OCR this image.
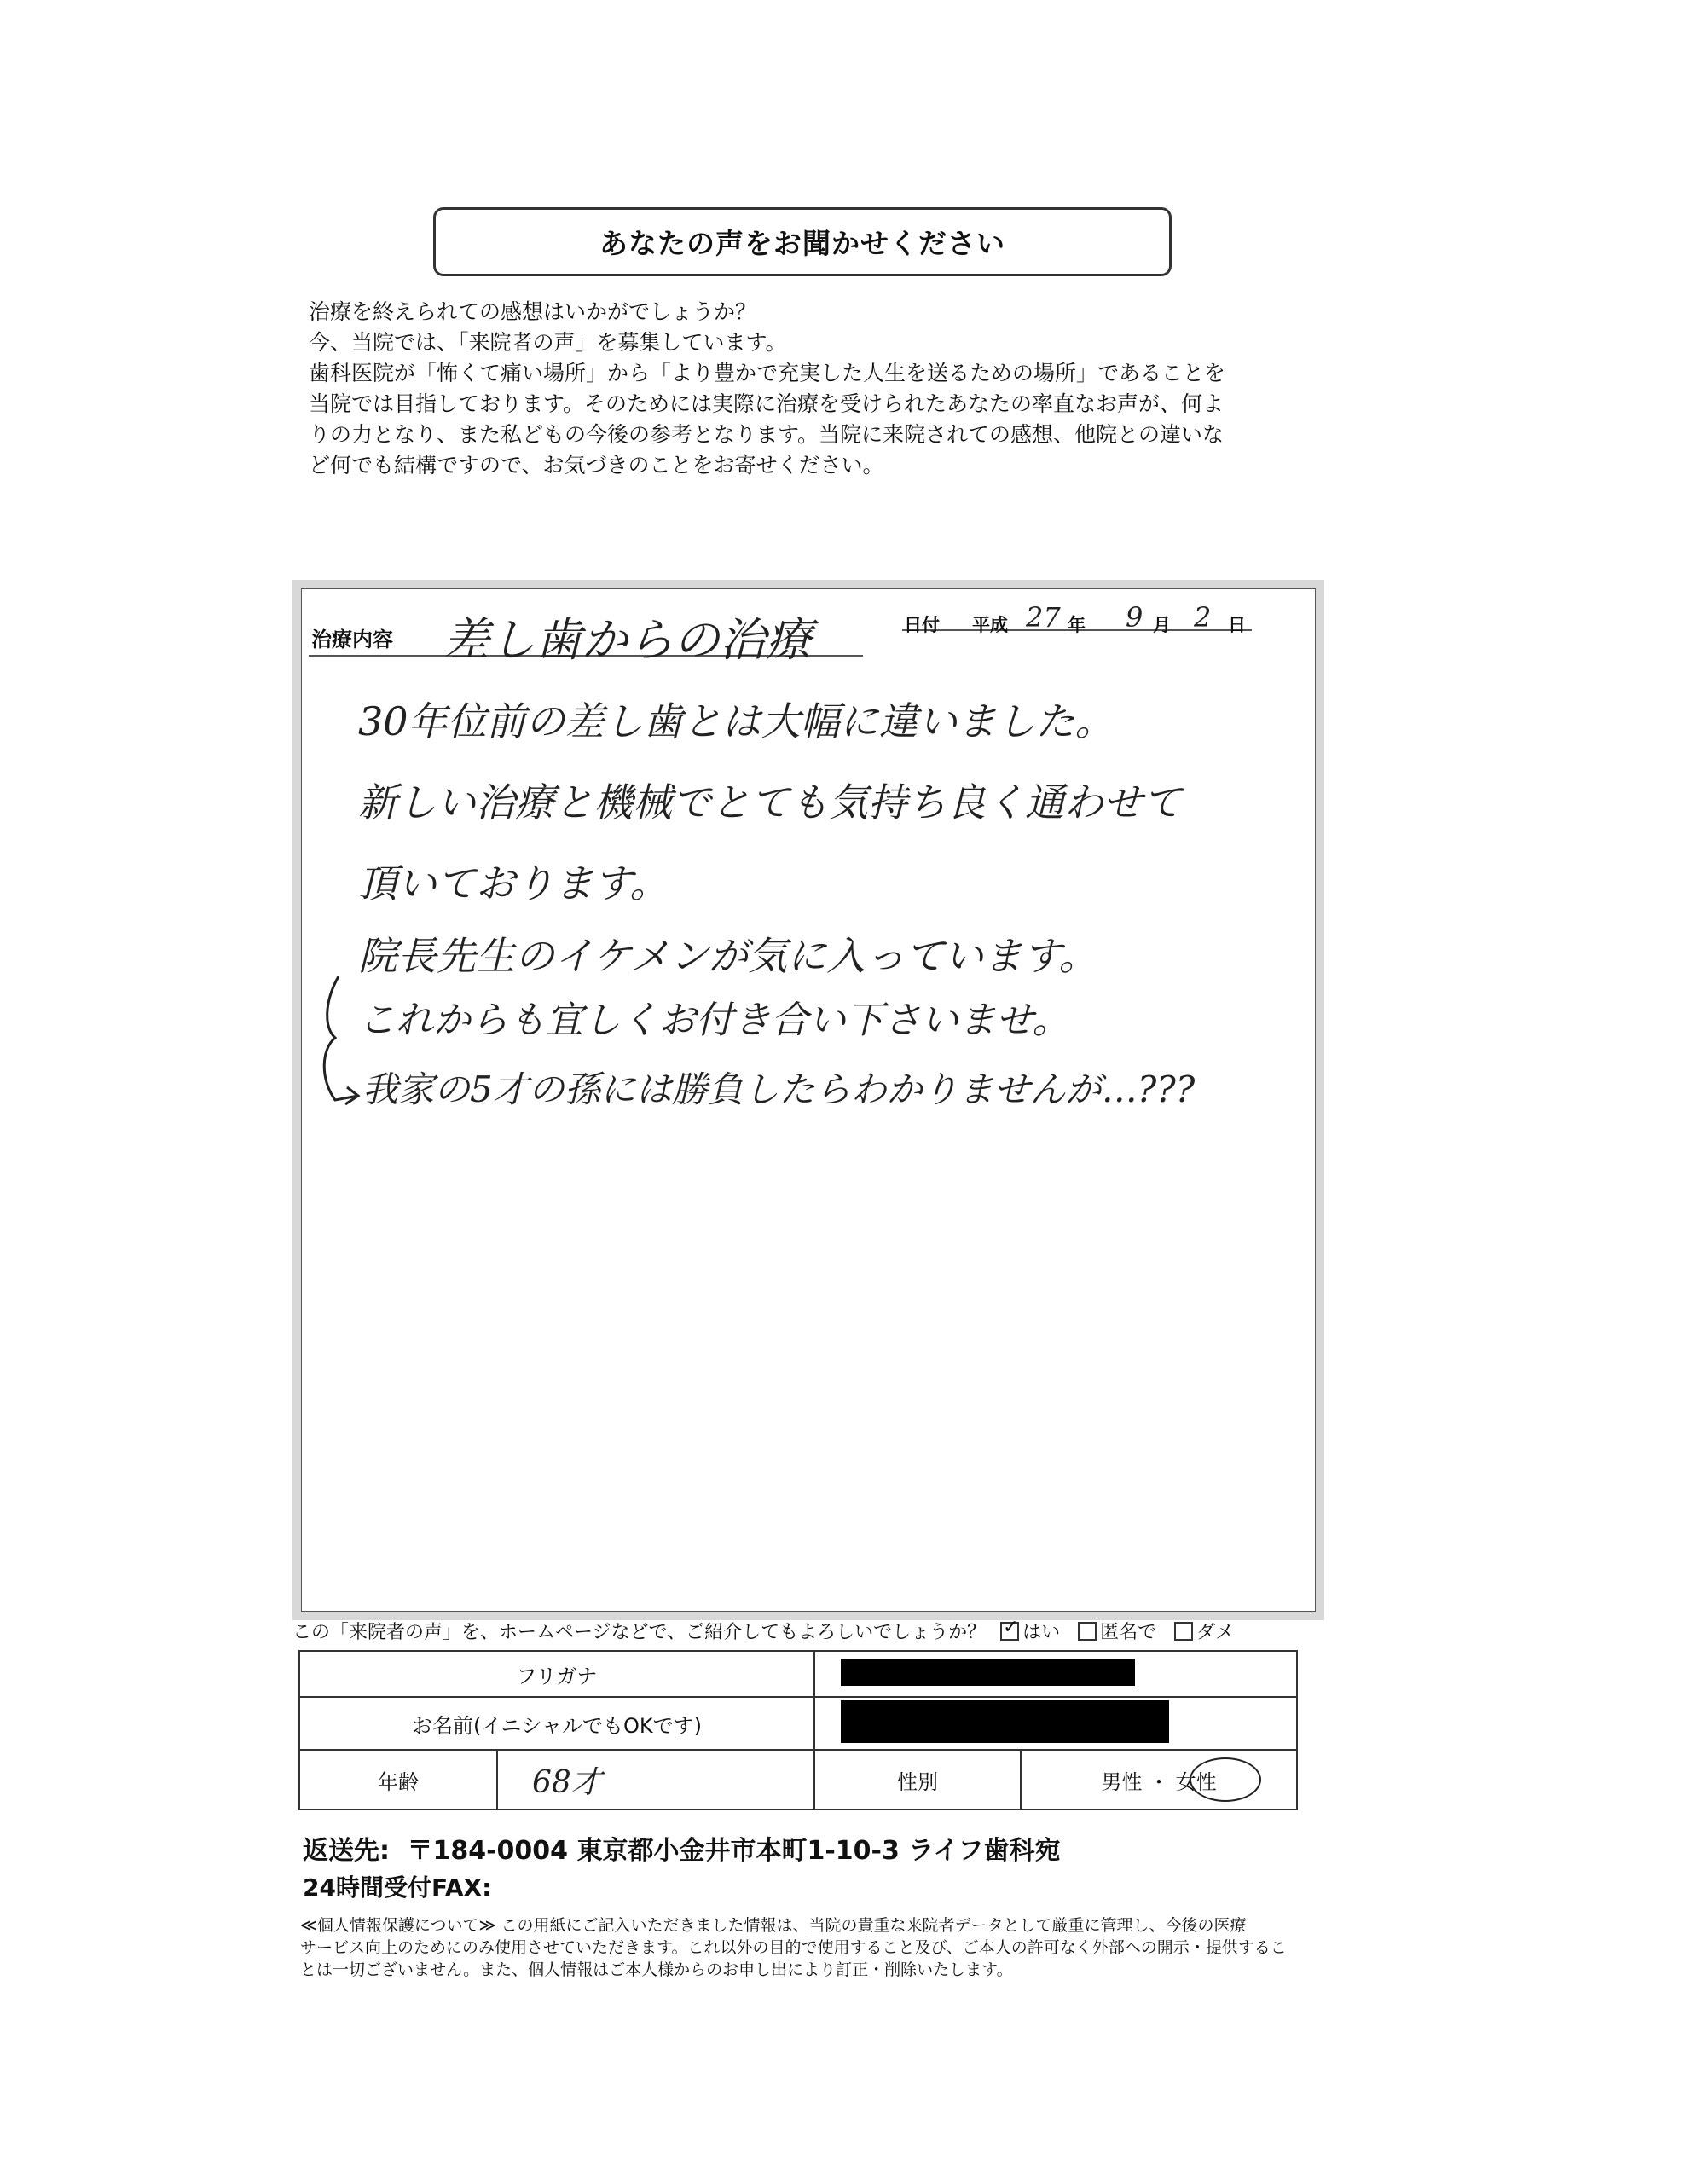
あなたの声をお聞かせください
治療を終えられての感想はいかがでしょうか？
今、当院では、「来院者の声」を募集しています。
歯科医院が「怖くて痛い場所」から「より豊かで充実した人生を送るための場所」であることを
当院では目指しております。そのためには実際に治療を受けられたあなたの率直なお声が、何よ
りの力となり、また私どもの今後の参考となります。当院に来院されての感想、他院との違いな
ど何でも結構ですので、お気づきのことをお寄せください。
治療内容 差し歯からの治療	日付 平成 27 年 9 月 2 日
30年位前の差し歯とは大幅に違いました。
新しい治療と機械でとても気持ち良く通わせて
頂いております。
院長先生のイケメンが気に入っています。
これからも宜しくお付き合い下さいませ。
我家の5才の孫には勝負したらわかりませんが…???
この「来院者の声」を、ホームページなどで、ご紹介してもよろしいでしょうか？ ✓ はい 匿名で ダメ
フリガナ			

お名前(イニシャルでもOKです)			

年齢	68才	性別	男性 ・ 女性
返送先: 〒184-0004 東京都小金井市本町1-10-3 ライフ歯科宛
24時間受付FAX:
≪個人情報保護について≫ この用紙にご記入いただきました情報は、当院の貴重な来院者データとして厳重に管理し、今後の医療
サービス向上のためにのみ使用させていただきます。これ以外の目的で使用すること及び、ご本人の許可なく外部への開示・提供するこ
とは一切ございません。また、個人情報はご本人様からのお申し出により訂正・削除いたします。
